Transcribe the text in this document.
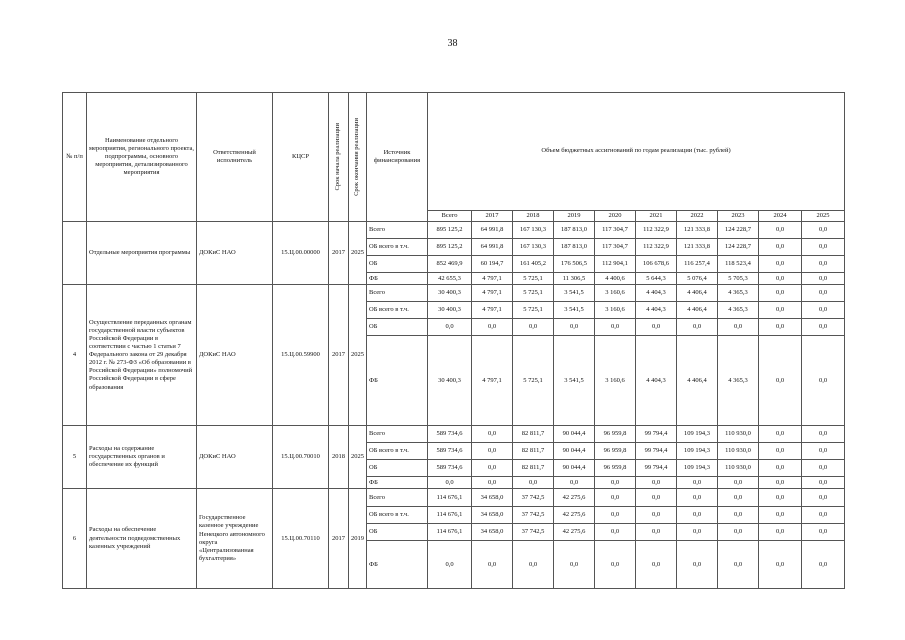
38
№ п/п	Наименование отдельного мероприятия, регионального проекта, подпрограммы, основного мероприятия, детализированного мероприятия	Ответственный исполнитель	КЦСР	Срок начала реализации	Срок окончания реализации	Источник финансирования	Объем бюджетных ассигнований по годам реализации (тыс. рублей)									
							Всего	2017	2018	2019	2020	2021	2022	2023	2024	2025
	Отдельные мероприятия программы	ДОКиС НАО	15.Ц.00.00000	2017	2025	Всего	895 125,2	64 991,8	167 130,3	187 813,0	117 304,7	112 322,9	121 333,8	124 228,7	0,0	0,0
						ОБ всего в т.ч.	895 125,2	64 991,8	167 130,3	187 813,0	117 304,7	112 322,9	121 333,8	124 228,7	0,0	0,0
						ОБ	852 469,9	60 194,7	161 405,2	176 506,5	112 904,1	106 678,6	116 257,4	118 523,4	0,0	0,0
						ФБ	42 655,3	4 797,1	5 725,1	11 306,5	4 400,6	5 644,3	5 076,4	5 705,3	0,0	0,0
4	Осуществление переданных органам государственной власти субъектов Российской Федерации в соответствии с частью 1 статьи 7 Федерального закона от 29 декабря 2012 г. № 273-ФЗ «Об образовании в Российской Федерации» полномочий Российской Федерации в сфере образования	ДОКиС НАО	15.Ц.00.59900	2017	2025	Всего	30 400,3	4 797,1	5 725,1	3 541,5	3 160,6	4 404,3	4 406,4	4 365,3	0,0	0,0
						ОБ всего в т.ч.	30 400,3	4 797,1	5 725,1	3 541,5	3 160,6	4 404,3	4 406,4	4 365,3	0,0	0,0
						ОБ	0,0	0,0	0,0	0,0	0,0	0,0	0,0	0,0	0,0	0,0
						ФБ	30 400,3	4 797,1	5 725,1	3 541,5	3 160,6	4 404,3	4 406,4	4 365,3	0,0	0,0
5	Расходы на содержание государственных органов и обеспечение их функций	ДОКиС НАО	15.Ц.00.70010	2018	2025	Всего	589 734,6	0,0	82 811,7	90 044,4	96 959,8	99 794,4	109 194,3	110 930,0	0,0	0,0
						ОБ всего в т.ч.	589 734,6	0,0	82 811,7	90 044,4	96 959,8	99 794,4	109 194,3	110 930,0	0,0	0,0
						ОБ	589 734,6	0,0	82 811,7	90 044,4	96 959,8	99 794,4	109 194,3	110 930,0	0,0	0,0
						ФБ	0,0	0,0	0,0	0,0	0,0	0,0	0,0	0,0	0,0	0,0
6	Расходы на обеспечение деятельности подведомственных казенных учреждений	Государственное казенное учреждение Ненецкого автономного округа «Централизованная бухгалтерия»	15.Ц.00.70110	2017	2019	Всего	114 676,1	34 658,0	37 742,5	42 275,6	0,0	0,0	0,0	0,0	0,0	0,0
						ОБ всего в т.ч.	114 676,1	34 658,0	37 742,5	42 275,6	0,0	0,0	0,0	0,0	0,0	0,0
						ОБ	114 676,1	34 658,0	37 742,5	42 275,6	0,0	0,0	0,0	0,0	0,0	0,0
						ФБ	0,0	0,0	0,0	0,0	0,0	0,0	0,0	0,0	0,0	0,0
